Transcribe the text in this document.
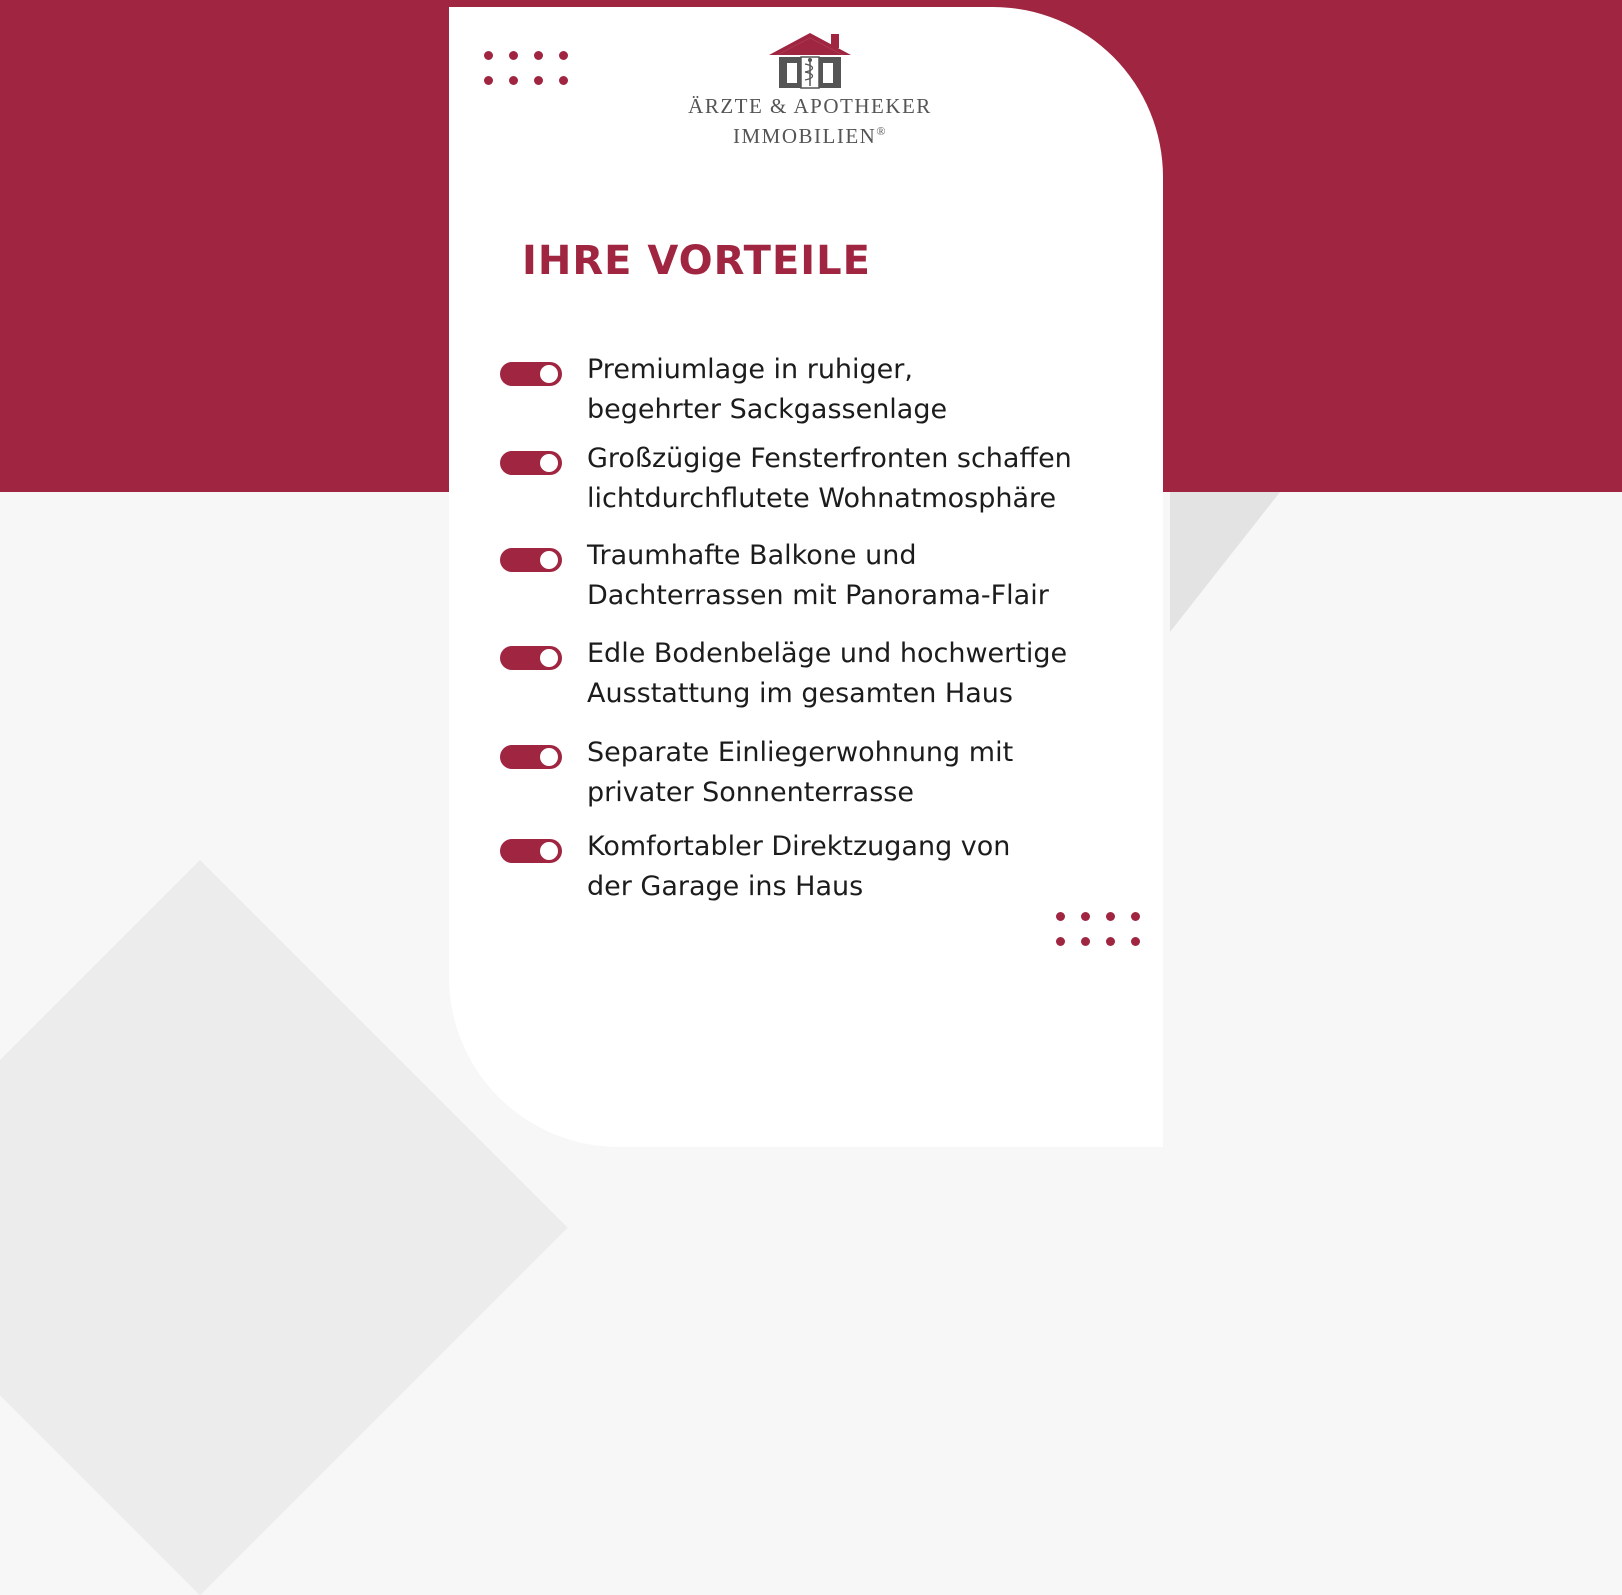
ÄRZTE & APOTHEKER
IMMOBILIEN®
IHRE VORTEILE
Premiumlage in ruhiger,
begehrter Sackgassenlage
Großzügige Fensterfronten schaffen
lichtdurchflutete Wohnatmosphäre
Traumhafte Balkone und
Dachterrassen mit Panorama-Flair
Edle Bodenbeläge und hochwertige
Ausstattung im gesamten Haus
Separate Einliegerwohnung mit
privater Sonnenterrasse
Komfortabler Direktzugang von
der Garage ins Haus
